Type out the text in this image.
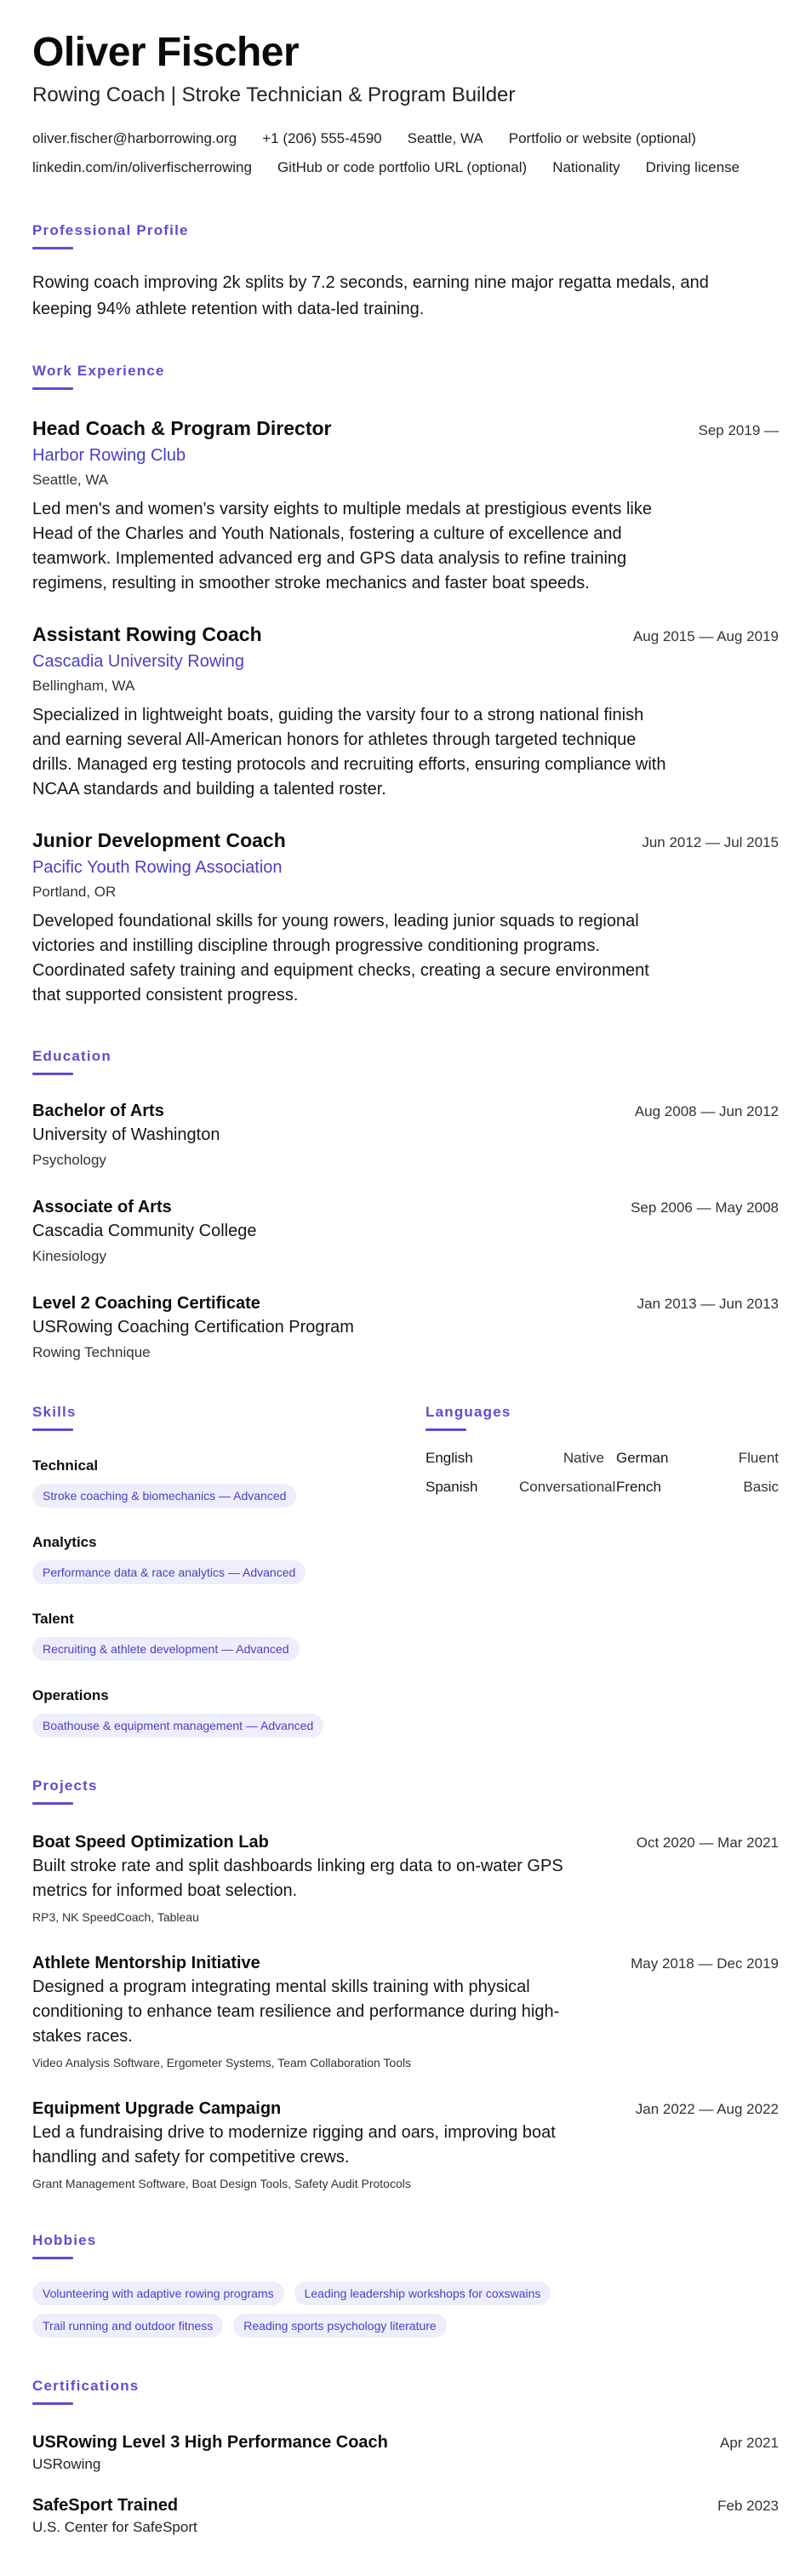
Oliver Fischer
Rowing Coach | Stroke Technician & Program Builder
oliver.fischer@harborrowing.org +1 (206) 555-4590 Seattle, WA Portfolio or website (optional)
linkedin.com/in/oliverfischerrowing GitHub or code portfolio URL (optional) Nationality Driving license
Professional Profile
Rowing coach improving 2k splits by 7.2 seconds, earning nine major regatta medals, and keeping 94% athlete retention with data-led training.
Work Experience
Head Coach & Program Director	Sep 2019 —
Harbor Rowing Club
Seattle, WA
Led men's and women's varsity eights to multiple medals at prestigious events like Head of the Charles and Youth Nationals, fostering a culture of excellence and teamwork. Implemented advanced erg and GPS data analysis to refine training regimens, resulting in smoother stroke mechanics and faster boat speeds.
Assistant Rowing Coach	Aug 2015 — Aug 2019
Cascadia University Rowing
Bellingham, WA
Specialized in lightweight boats, guiding the varsity four to a strong national finish and earning several All-American honors for athletes through targeted technique drills. Managed erg testing protocols and recruiting efforts, ensuring compliance with NCAA standards and building a talented roster.
Junior Development Coach	Jun 2012 — Jul 2015
Pacific Youth Rowing Association
Portland, OR
Developed foundational skills for young rowers, leading junior squads to regional victories and instilling discipline through progressive conditioning programs. Coordinated safety training and equipment checks, creating a secure environment that supported consistent progress.
Education
Bachelor of Arts	Aug 2008 — Jun 2012
University of Washington
Psychology
Associate of Arts	Sep 2006 — May 2008
Cascadia Community College
Kinesiology
Level 2 Coaching Certificate	Jan 2013 — Jun 2013
USRowing Coaching Certification Program
Rowing Technique
Skills
Technical
Stroke coaching & biomechanics — Advanced
Analytics
Performance data & race analytics — Advanced
Talent
Recruiting & athlete development — Advanced
Operations
Boathouse & equipment management — Advanced
Languages
English	Native German	Fluent
Spanish	Conversational French	Basic
Projects
Boat Speed Optimization Lab	Oct 2020 — Mar 2021
Built stroke rate and split dashboards linking erg data to on-water GPS metrics for informed boat selection.
RP3, NK SpeedCoach, Tableau
Athlete Mentorship Initiative	May 2018 — Dec 2019
Designed a program integrating mental skills training with physical conditioning to enhance team resilience and performance during high-stakes races.
Video Analysis Software, Ergometer Systems, Team Collaboration Tools
Equipment Upgrade Campaign	Jan 2022 — Aug 2022
Led a fundraising drive to modernize rigging and oars, improving boat handling and safety for competitive crews.
Grant Management Software, Boat Design Tools, Safety Audit Protocols
Hobbies
Volunteering with adaptive rowing programs	Leading leadership workshops for coxswains
Trail running and outdoor fitness	Reading sports psychology literature
Certifications
USRowing Level 3 High Performance Coach	Apr 2021
USRowing
SafeSport Trained	Feb 2023
U.S. Center for SafeSport
